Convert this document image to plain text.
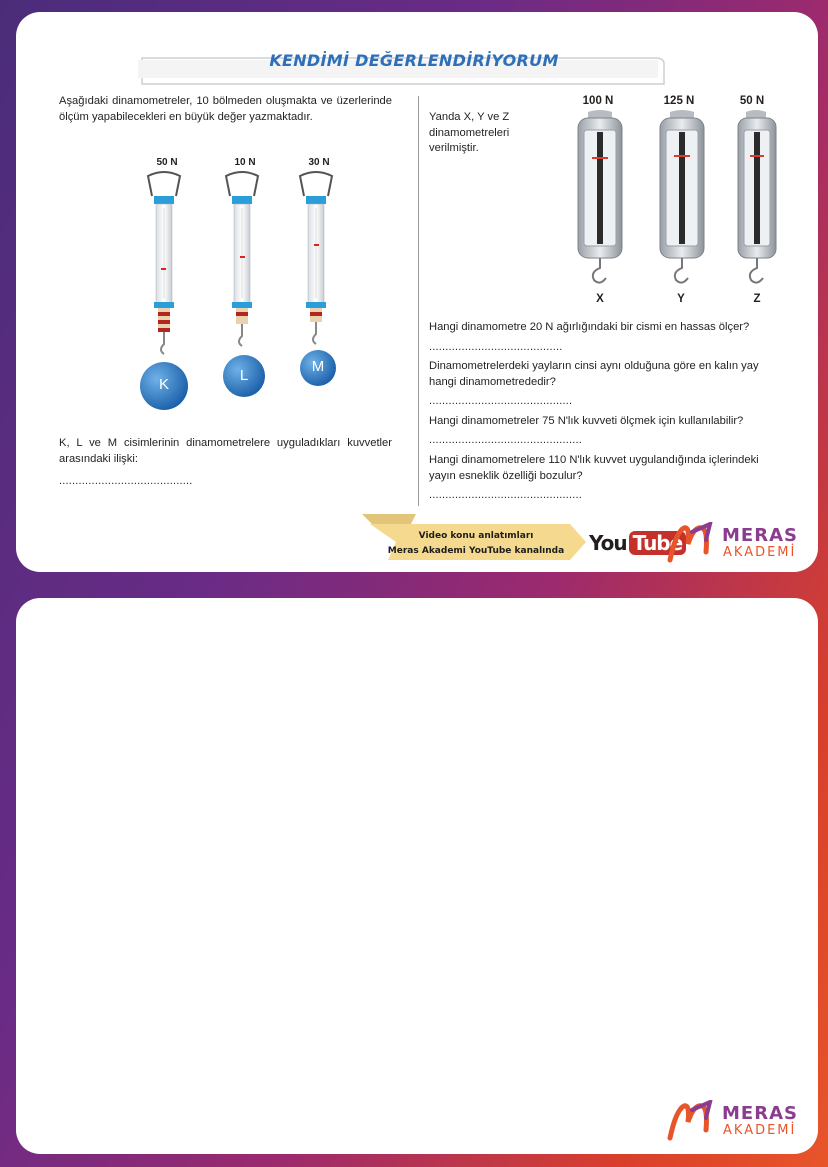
KENDİMİ DEĞERLENDİRİYORUM

Aşağıdaki dinamometreler, 10 bölmeden oluşmakta ve üzerlerinde ölçüm yapabilecekleri en büyük değer yazmaktadır.

50 N	10 N	30 N
K
L
M

K, L ve M cisimlerinin dinamometrelere uyguladıkları kuvvetler arasındaki ilişki:

.........................................

Yanda X, Y ve Z dinamometreleri verilmiştir.

100 N	125 N	50 N
X	Y	Z

Hangi dinamometre 20 N ağırlığındaki bir cismi en hassas ölçer?

.........................................

Dinamometrelerdeki yayların cinsi aynı olduğuna göre en kalın yay hangi dinamometrededir?

............................................

Hangi dinamometreler 75 N'lık kuvveti ölçmek için kullanılabilir?

...............................................

Hangi dinamometrelere 110 N'lık kuvvet uygulandığında içlerindeki yayın esneklik özelliği bozulur?

...............................................
Video konu anlatımları
Meras Akademi YouTube kanalında	You Tube MERAS
AKADEMİ
MERAS
AKADEMİ
